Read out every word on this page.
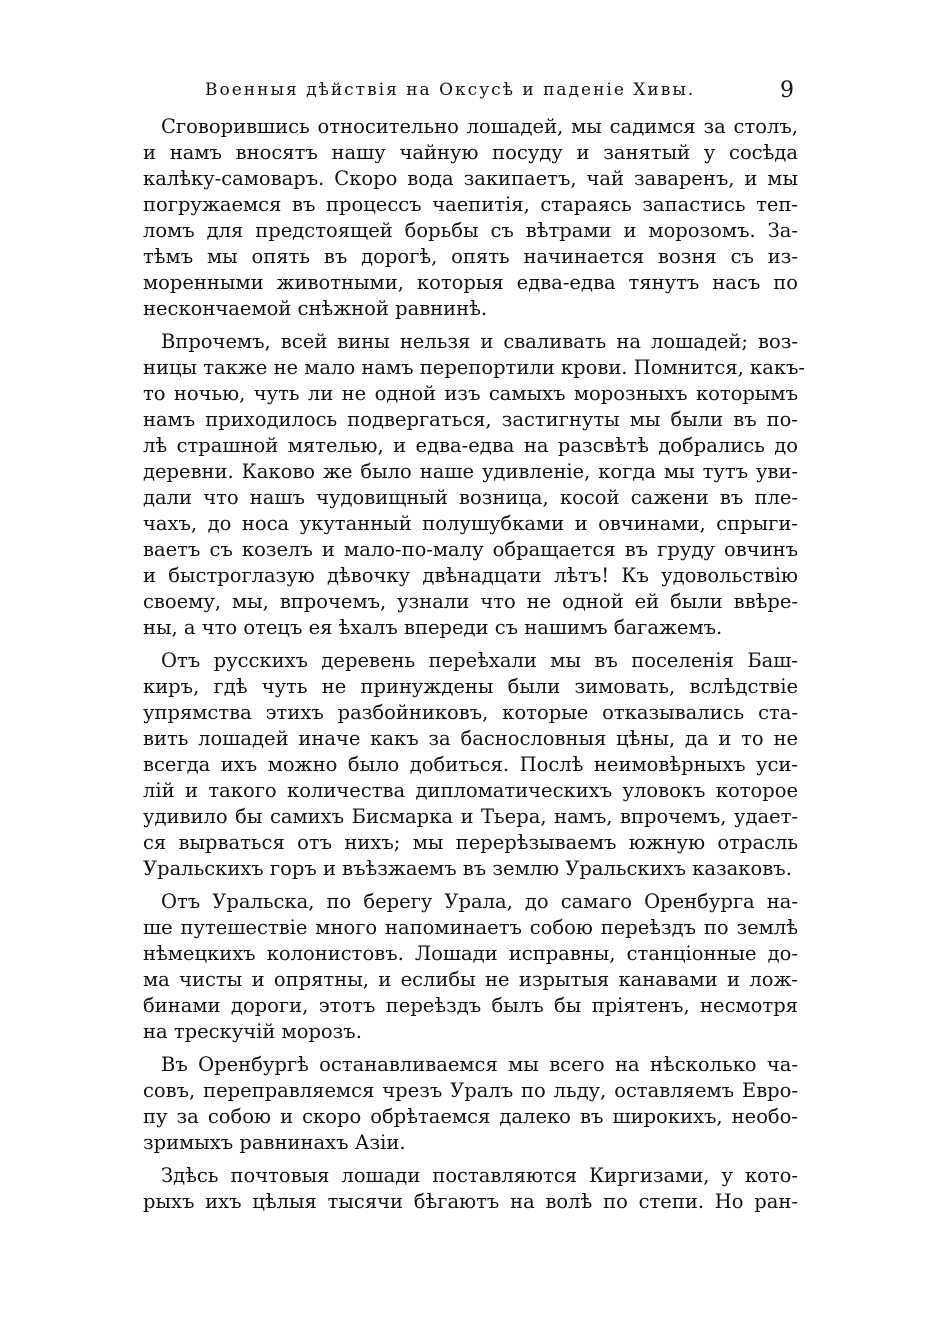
Военныя дѣйствія на Оксусѣ и паденіе Хивы.	9
Сговорившись относительно лошадей, мы садимся за столъ,
и намъ вносятъ нашу чайную посуду и занятый у сосѣда
калѣку-самоваръ. Скоро вода закипаетъ, чай заваренъ, и мы
погружаемся въ процессъ чаепитія, стараясь запастись теп-
ломъ для предстоящей борьбы съ вѣтрами и морозомъ. За-
тѣмъ мы опять въ дорогѣ, опять начинается возня съ из-
моренными животными, которыя едва-едва тянутъ насъ по
нескончаемой снѣжной равнинѣ.
Впрочемъ, всей вины нельзя и сваливать на лошадей; воз-
ницы также не мало намъ перепортили крови. Помнится, какъ-
то ночью, чуть ли не одной изъ самыхъ морозныхъ которымъ
намъ приходилось подвергаться, застигнуты мы были въ по-
лѣ страшной мятелью, и едва-едва на разсвѣтѣ добрались до
деревни. Каково же было наше удивленіе, когда мы тутъ уви-
дали что нашъ чудовищный возница, косой сажени въ пле-
чахъ, до носа укутанный полушубками и овчинами, спрыги-
ваетъ съ козелъ и мало-по-малу обращается въ груду овчинъ
и быстроглазую дѣвочку двѣнадцати лѣтъ! Къ удовольствію
своему, мы, впрочемъ, узнали что не одной ей были ввѣре-
ны, а что отецъ ея ѣхалъ впереди съ нашимъ багажемъ.
Отъ русскихъ деревень переѣхали мы въ поселенія Баш-
киръ, гдѣ чуть не принуждены были зимовать, вслѣдствіе
упрямства этихъ разбойниковъ, которые отказывались ста-
вить лошадей иначе какъ за баснословныя цѣны, да и то не
всегда ихъ можно было добиться. Послѣ неимовѣрныхъ уси-
лій и такого количества дипломатическихъ уловокъ которое
удивило бы самихъ Бисмарка и Тьера, намъ, впрочемъ, удает-
ся вырваться отъ нихъ; мы перерѣзываемъ южную отрасль
Уральскихъ горъ и въѣзжаемъ въ землю Уральскихъ казаковъ.
Отъ Уральска, по берегу Урала, до самаго Оренбурга на-
ше путешествіе много напоминаетъ собою переѣздъ по землѣ
нѣмецкихъ колонистовъ. Лошади исправны, станціонные до-
ма чисты и опрятны, и еслибы не изрытыя канавами и лож-
бинами дороги, этотъ переѣздъ былъ бы пріятенъ, несмотря
на трескучій морозъ.
Въ Оренбургѣ останавливаемся мы всего на нѣсколько ча-
совъ, переправляемся чрезъ Уралъ по льду, оставляемъ Евро-
пу за собою и скоро обрѣтаемся далеко въ широкихъ, необо-
зримыхъ равнинахъ Азіи.
Здѣсь почтовыя лошади поставляются Киргизами, у кото-
рыхъ ихъ цѣлыя тысячи бѣгаютъ на волѣ по степи. Но ран-
